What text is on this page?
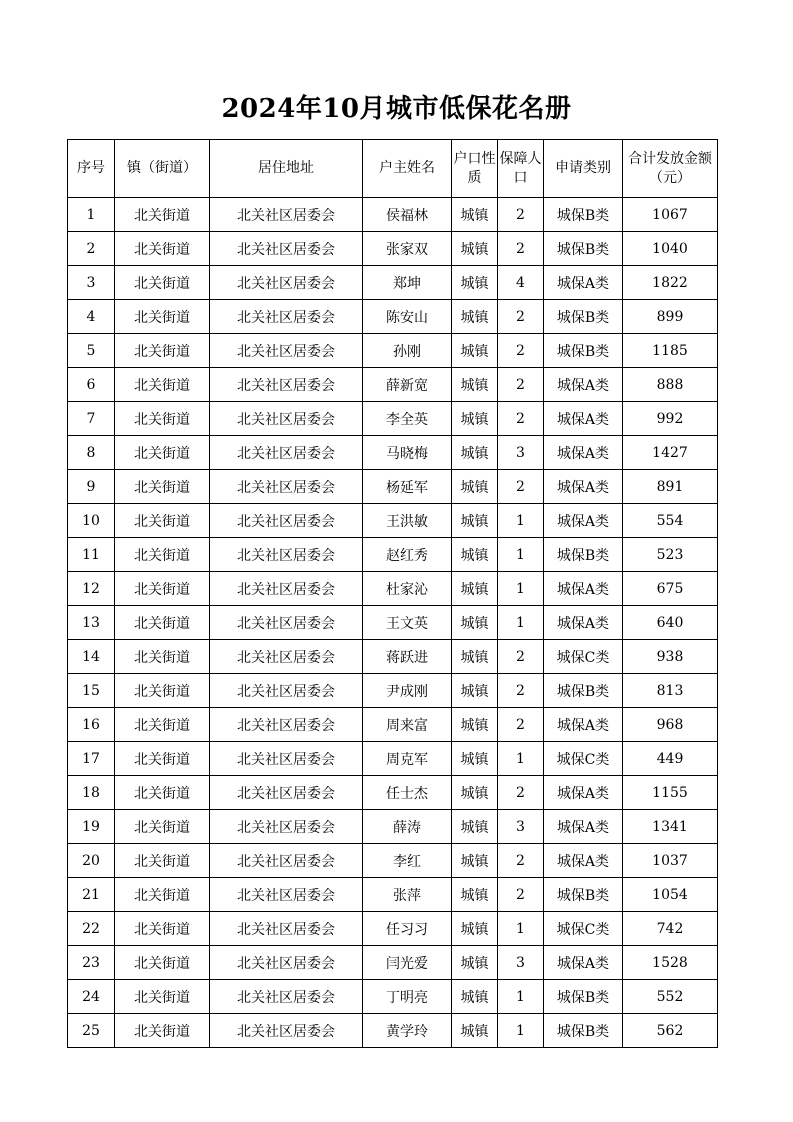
2024年10月城市低保花名册
序号	镇（街道）	居住地址	户主姓名	户口性质	保障人口	申请类别	合计发放金额（元）
1	北关街道	北关社区居委会	侯福林	城镇	2	城保B类	1067
2	北关街道	北关社区居委会	张家双	城镇	2	城保B类	1040
3	北关街道	北关社区居委会	郑坤	城镇	4	城保A类	1822
4	北关街道	北关社区居委会	陈安山	城镇	2	城保B类	899
5	北关街道	北关社区居委会	孙刚	城镇	2	城保B类	1185
6	北关街道	北关社区居委会	薛新宽	城镇	2	城保A类	888
7	北关街道	北关社区居委会	李全英	城镇	2	城保A类	992
8	北关街道	北关社区居委会	马晓梅	城镇	3	城保A类	1427
9	北关街道	北关社区居委会	杨延军	城镇	2	城保A类	891
10	北关街道	北关社区居委会	王洪敏	城镇	1	城保A类	554
11	北关街道	北关社区居委会	赵红秀	城镇	1	城保B类	523
12	北关街道	北关社区居委会	杜家沁	城镇	1	城保A类	675
13	北关街道	北关社区居委会	王文英	城镇	1	城保A类	640
14	北关街道	北关社区居委会	蒋跃进	城镇	2	城保C类	938
15	北关街道	北关社区居委会	尹成刚	城镇	2	城保B类	813
16	北关街道	北关社区居委会	周来富	城镇	2	城保A类	968
17	北关街道	北关社区居委会	周克军	城镇	1	城保C类	449
18	北关街道	北关社区居委会	任士杰	城镇	2	城保A类	1155
19	北关街道	北关社区居委会	薛涛	城镇	3	城保A类	1341
20	北关街道	北关社区居委会	李红	城镇	2	城保A类	1037
21	北关街道	北关社区居委会	张萍	城镇	2	城保B类	1054
22	北关街道	北关社区居委会	任习习	城镇	1	城保C类	742
23	北关街道	北关社区居委会	闫光爱	城镇	3	城保A类	1528
24	北关街道	北关社区居委会	丁明亮	城镇	1	城保B类	552
25	北关街道	北关社区居委会	黄学玲	城镇	1	城保B类	562
